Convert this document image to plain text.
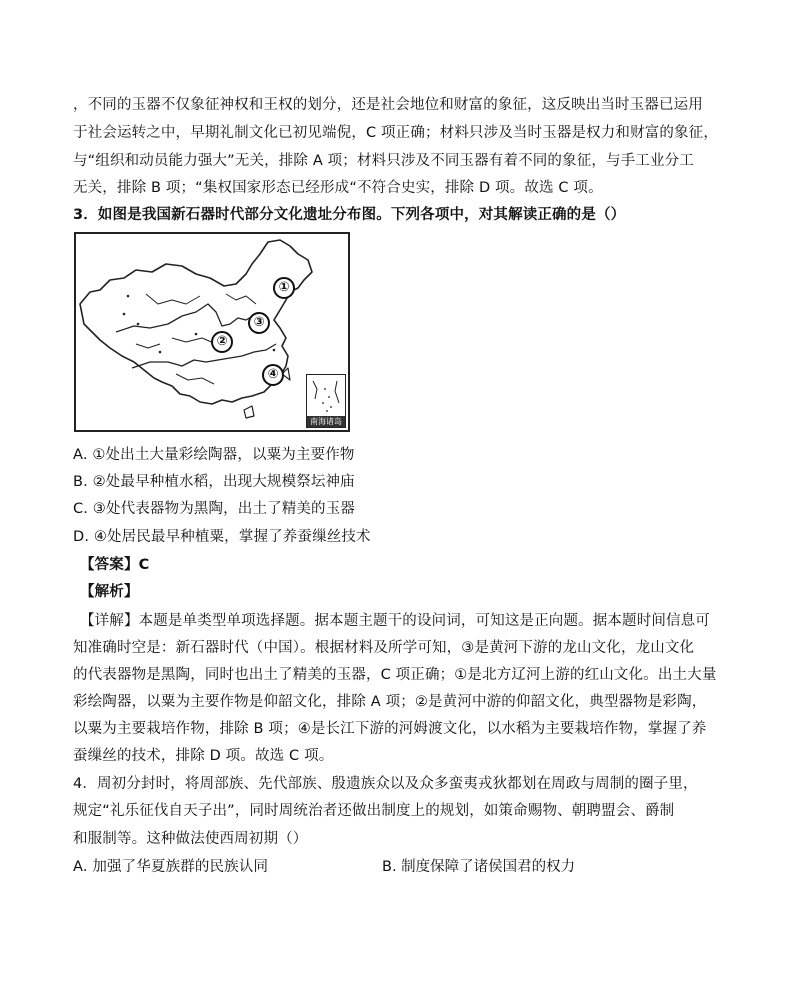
，不同的玉器不仅象征神权和王权的划分，还是社会地位和财富的象征，这反映出当时玉器已运用
于社会运转之中，早期礼制文化已初见端倪，C 项正确；材料只涉及当时玉器是权力和财富的象征，
与“组织和动员能力强大”无关，排除 A 项；材料只涉及不同玉器有着不同的象征，与手工业分工
无关，排除 B 项；“集权国家形态已经形成“不符合史实，排除 D 项。故选 C 项。
3．如图是我国新石器时代部分文化遗址分布图。下列各项中，对其解读正确的是（）
①
②
③
④
南海诸岛
A. ①处出土大量彩绘陶器，以粟为主要作物
B. ②处最早种植水稻，出现大规模祭坛神庙
C. ③处代表器物为黑陶，出土了精美的玉器
D. ④处居民最早种植粟，掌握了养蚕缫丝技术
【答案】C
【解析】
【详解】本题是单类型单项选择题。据本题主题干的设问词，可知这是正向题。据本题时间信息可
知准确时空是：新石器时代（中国）。根据材料及所学可知，③是黄河下游的龙山文化，龙山文化
的代表器物是黑陶，同时也出土了精美的玉器，C 项正确；①是北方辽河上游的红山文化。出土大量
彩绘陶器，以粟为主要作物是仰韶文化，排除 A 项；②是黄河中游的仰韶文化，典型器物是彩陶，
以粟为主要栽培作物，排除 B 项；④是长江下游的河姆渡文化，以水稻为主要栽培作物，掌握了养
蚕缫丝的技术，排除 D 项。故选 C 项。
4．周初分封时，将周部族、先代部族、殷遗族众以及众多蛮夷戎狄都划在周政与周制的圈子里，
规定“礼乐征伐自天子出”，同时周统治者还做出制度上的规划，如策命赐物、朝聘盟会、爵制
和服制等。这种做法使西周初期（）
A. 加强了华夏族群的民族认同	B. 制度保障了诸侯国君的权力
